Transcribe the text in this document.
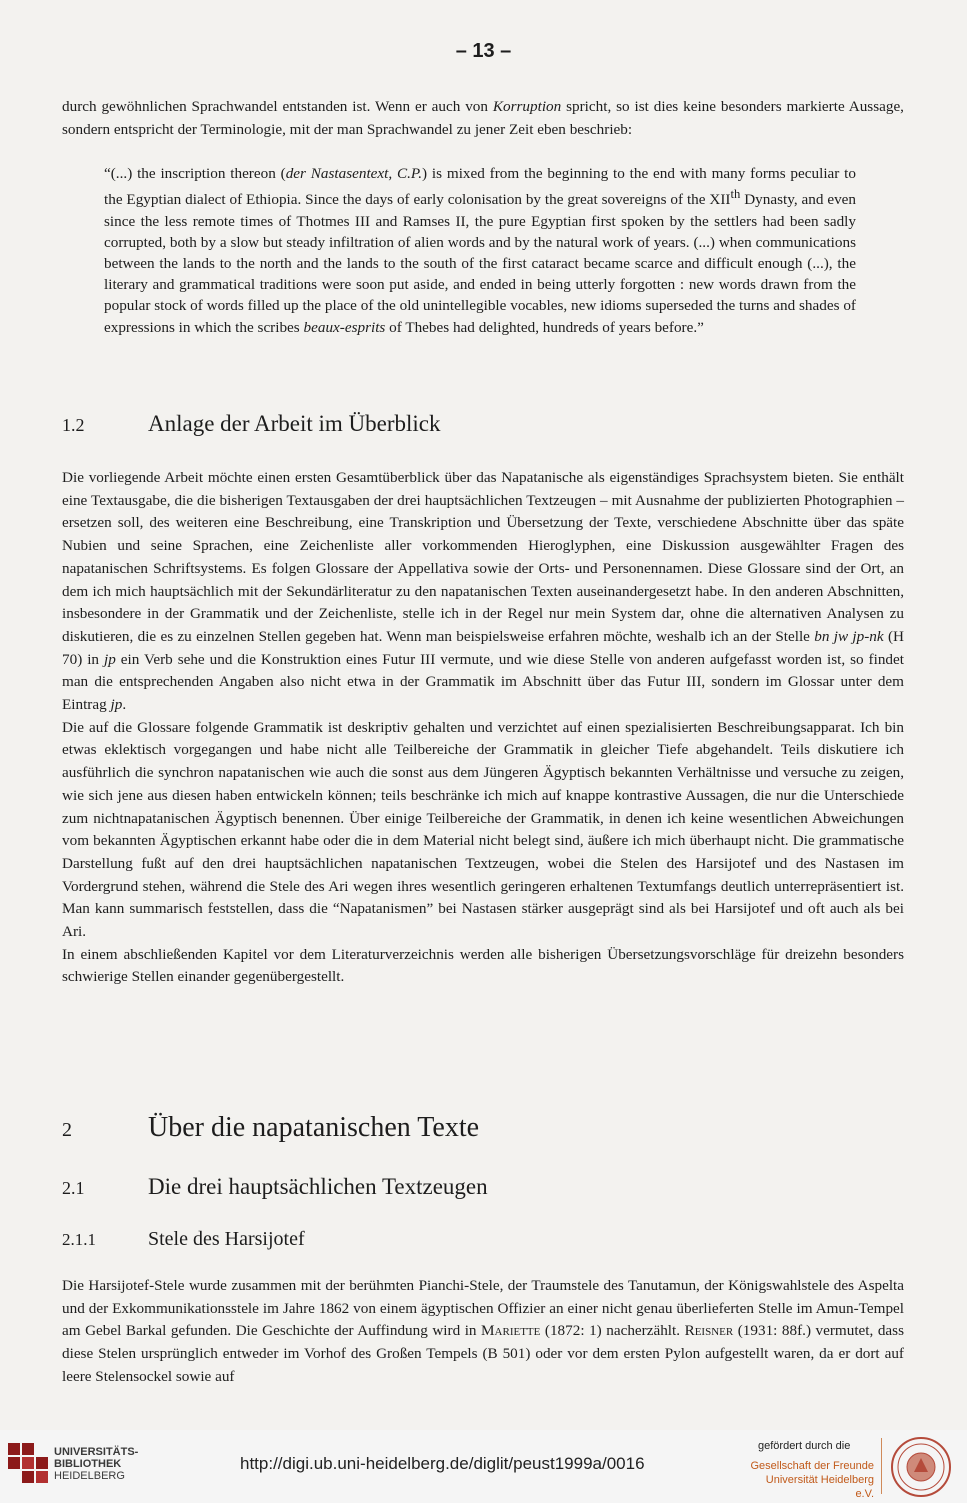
– 13 –

durch gewöhnlichen Sprachwandel entstanden ist. Wenn er auch von Korruption spricht, so ist dies keine besonders markierte Aussage, sondern entspricht der Terminologie, mit der man Sprachwandel zu jener Zeit eben beschrieb:

“(...) the inscription thereon (der Nastasentext, C.P.) is mixed from the beginning to the end with many forms peculiar to the Egyptian dialect of Ethiopia. Since the days of early colonisation by the great sovereigns of the XIIth Dynasty, and even since the less remote times of Thotmes III and Ramses II, the pure Egyptian first spoken by the settlers had been sadly corrupted, both by a slow but steady infiltration of alien words and by the natural work of years. (...) when communications between the lands to the north and the lands to the south of the first cataract became scarce and difficult enough (...), the literary and grammatical traditions were soon put aside, and ended in being utterly forgotten : new words drawn from the popular stock of words filled up the place of the old unintellegible vocables, new idioms superseded the turns and shades of expressions in which the scribes beaux-esprits of Thebes had delighted, hundreds of years before.”

1.2	Anlage der Arbeit im Überblick

Die vorliegende Arbeit möchte einen ersten Gesamtüberblick über das Napatanische als eigenständiges Sprachsystem bieten. Sie enthält eine Textausgabe, die die bisherigen Textausgaben der drei hauptsächlichen Textzeugen – mit Ausnahme der publizierten Photographien – ersetzen soll, des weiteren eine Beschreibung, eine Transkription und Übersetzung der Texte, verschiedene Abschnitte über das späte Nubien und seine Sprachen, eine Zeichenliste aller vorkommenden Hieroglyphen, eine Diskussion ausgewählter Fragen des napatanischen Schriftsystems. Es folgen Glossare der Appellativa sowie der Orts- und Personennamen. Diese Glossare sind der Ort, an dem ich mich hauptsächlich mit der Sekundärliteratur zu den napatanischen Texten auseinandergesetzt habe. In den anderen Abschnitten, insbesondere in der Grammatik und der Zeichenliste, stelle ich in der Regel nur mein System dar, ohne die alternativen Analysen zu diskutieren, die es zu einzelnen Stellen gegeben hat. Wenn man beispielsweise erfahren möchte, weshalb ich an der Stelle bn jw jp-nk (H 70) in jp ein Verb sehe und die Konstruktion eines Futur III vermute, und wie diese Stelle von anderen aufgefasst worden ist, so findet man die entsprechenden Angaben also nicht etwa in der Grammatik im Abschnitt über das Futur III, sondern im Glossar unter dem Eintrag jp.

Die auf die Glossare folgende Grammatik ist deskriptiv gehalten und verzichtet auf einen spezialisierten Beschreibungsapparat. Ich bin etwas eklektisch vorgegangen und habe nicht alle Teilbereiche der Grammatik in gleicher Tiefe abgehandelt. Teils diskutiere ich ausführlich die synchron napatanischen wie auch die sonst aus dem Jüngeren Ägyptisch bekannten Verhältnisse und versuche zu zeigen, wie sich jene aus diesen haben entwickeln können; teils beschränke ich mich auf knappe kontrastive Aussagen, die nur die Unterschiede zum nichtnapatanischen Ägyptisch benennen. Über einige Teilbereiche der Grammatik, in denen ich keine wesentlichen Abweichungen vom bekannten Ägyptischen erkannt habe oder die in dem Material nicht belegt sind, äußere ich mich überhaupt nicht. Die grammatische Darstellung fußt auf den drei hauptsächlichen napatanischen Textzeugen, wobei die Stelen des Harsijotef und des Nastasen im Vordergrund stehen, während die Stele des Ari wegen ihres wesentlich geringeren erhaltenen Textumfangs deutlich unterrepräsentiert ist. Man kann summarisch feststellen, dass die “Napatanismen” bei Nastasen stärker ausgeprägt sind als bei Harsijotef und oft auch als bei Ari.

In einem abschließenden Kapitel vor dem Literaturverzeichnis werden alle bisherigen Übersetzungsvorschläge für dreizehn besonders schwierige Stellen einander gegenübergestellt.

2	Über die napatanischen Texte
2.1	Die drei hauptsächlichen Textzeugen
2.1.1	Stele des Harsijotef

Die Harsijotef-Stele wurde zusammen mit der berühmten Pianchi-Stele, der Traumstele des Tanutamun, der Königswahlstele des Aspelta und der Exkommunikationsstele im Jahre 1862 von einem ägyptischen Offizier an einer nicht genau überlieferten Stelle im Amun-Tempel am Gebel Barkal gefunden. Die Geschichte der Auffindung wird in Mariette (1872: 1) nacherzählt. Reisner (1931: 88f.) vermutet, dass diese Stelen ursprünglich entweder im Vorhof des Großen Tempels (B 501) oder vor dem ersten Pylon aufgestellt waren, da er dort auf leere Stelensockel sowie auf

UNIVERSITÄTS-
BIBLIOTHEK
HEIDELBERG
http://digi.ub.uni-heidelberg.de/diglit/peust1999a/0016
gefördert durch die
Gesellschaft der Freunde
Universität Heidelberg e.V.
